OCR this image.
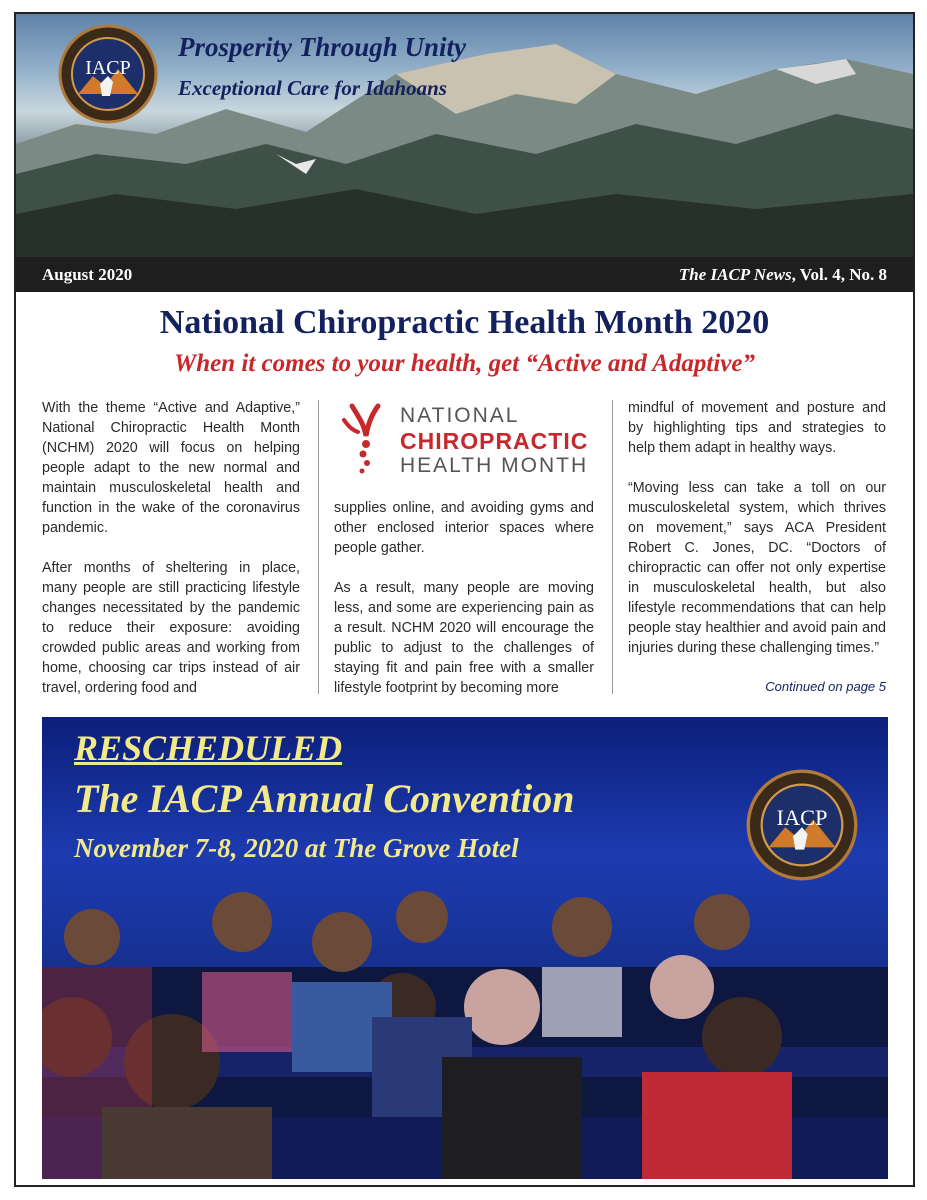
IACP
Prosperity Through Unity
Exceptional Care for Idahoans
August 2020	The IACP News, Vol. 4, No. 8
National Chiropractic Health Month 2020
When it comes to your health, get “Active and Adaptive”

With the theme “Active and Adaptive,” National Chiropractic Health Month (NCHM) 2020 will focus on helping people adapt to the new normal and maintain musculoskeletal health and function in the wake of the coronavirus pandemic.

After months of sheltering in place, many people are still practicing lifestyle changes necessitated by the pandemic to reduce their exposure: avoiding crowded public areas and working from home, choosing car trips instead of air travel, ordering food and

NATIONAL
CHIROPRACTIC
HEALTH MONTH

supplies online, and avoiding gyms and other enclosed interior spaces where people gather.

As a result, many people are moving less, and some are experiencing pain as a result. NCHM 2020 will encourage the public to adjust to the challenges of staying fit and pain free with a smaller lifestyle footprint by becoming more

mindful of movement and posture and by highlighting tips and strategies to help them adapt in healthy ways.

“Moving less can take a toll on our musculoskeletal system, which thrives on movement,” says ACA President Robert C. Jones, DC. “Doctors of chiropractic can offer not only expertise in musculoskeletal health, but also lifestyle recommendations that can help people stay healthier and avoid pain and injuries during these challenging times.”

Continued on page 5
RESCHEDULED
The IACP Annual Convention
November 7-8, 2020 at The Grove Hotel
IACP
